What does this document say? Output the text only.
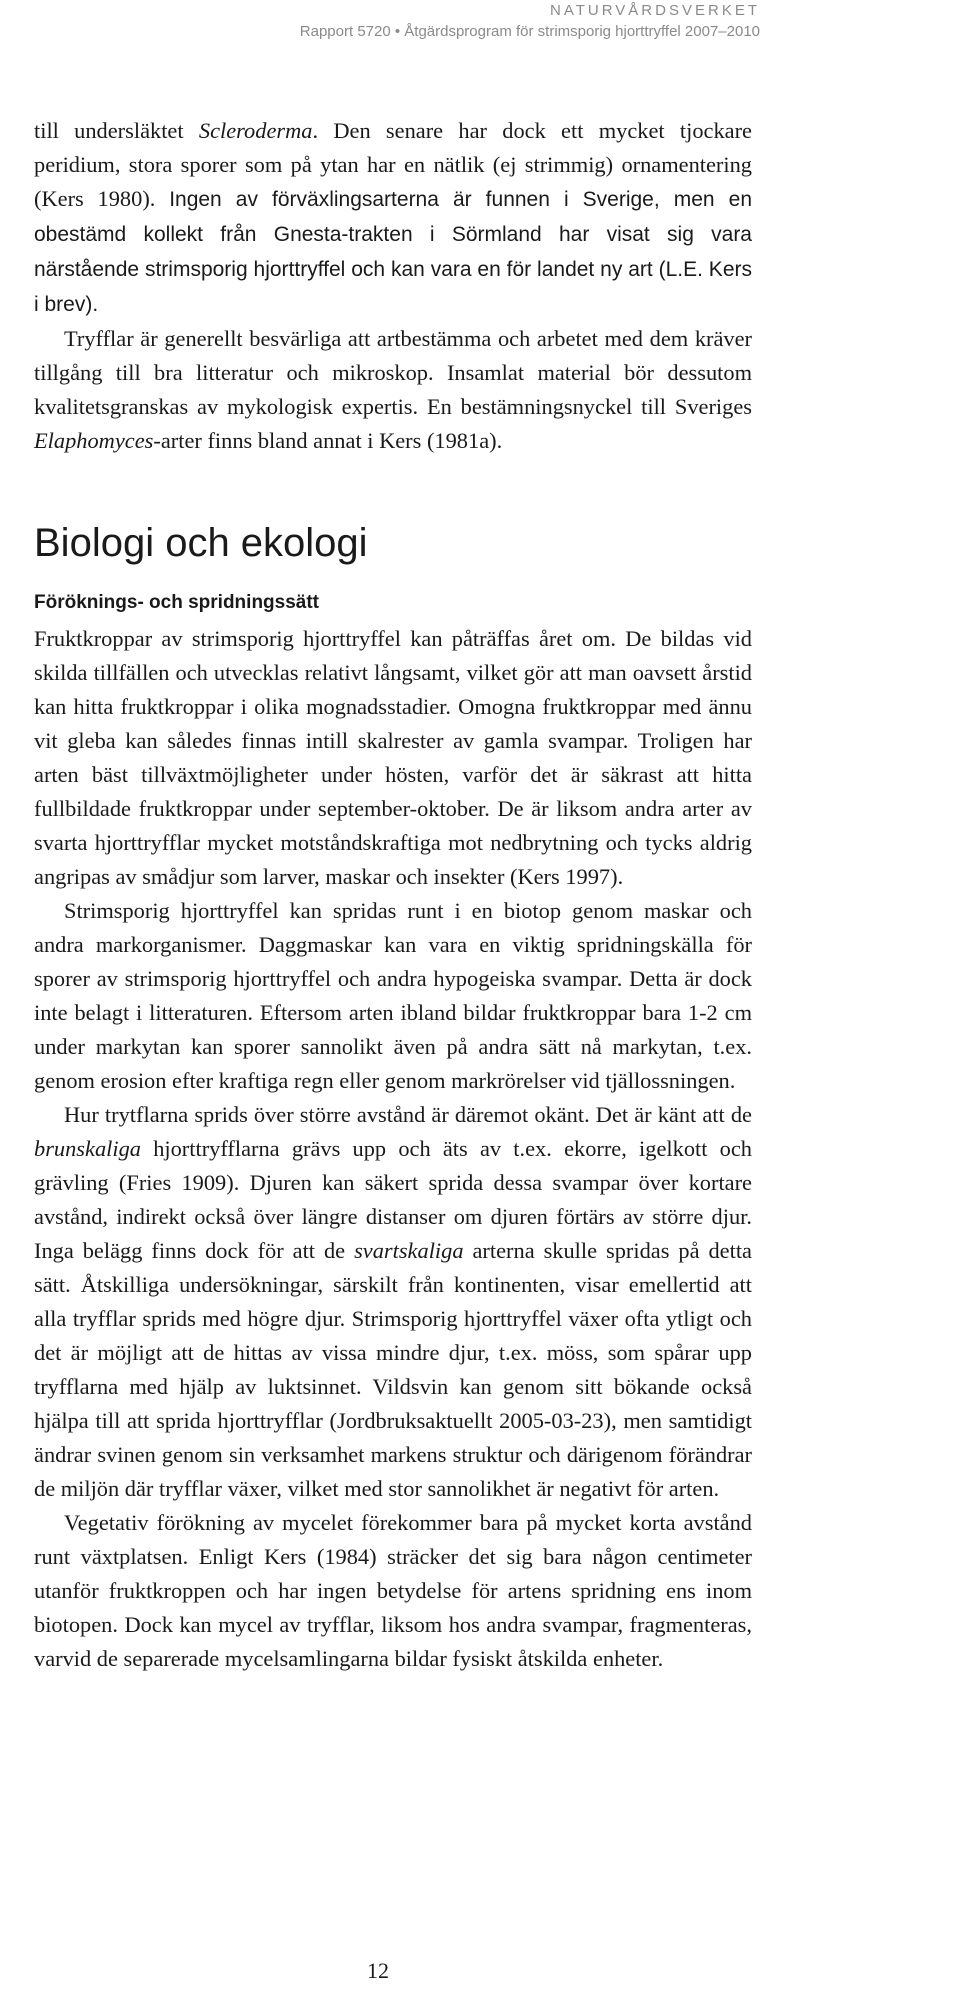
NATURVÅRDSVERKET
Rapport 5720 • Åtgärdsprogram för strimsporig hjorttryffel 2007–2010

till undersläktet Scleroderma. Den senare har dock ett mycket tjockare peridium, stora sporer som på ytan har en nätlik (ej strimmig) ornamentering (Kers 1980). Ingen av förväxlingsarterna är funnen i Sverige, men en obestämd kollekt från Gnesta-trakten i Sörmland har visat sig vara närstående strimsporig hjorttryffel och kan vara en för landet ny art (L.E. Kers i brev).

Tryfflar är generellt besvärliga att artbestämma och arbetet med dem kräver tillgång till bra litteratur och mikroskop. Insamlat material bör dessutom kvalitetsgranskas av mykologisk expertis. En bestämningsnyckel till Sveriges Elaphomyces-arter finns bland annat i Kers (1981a).

Biologi och ekologi
Föröknings- och spridningssätt

Fruktkroppar av strimsporig hjorttryffel kan påträffas året om. De bildas vid skilda tillfällen och utvecklas relativt långsamt, vilket gör att man oavsett årstid kan hitta fruktkroppar i olika mognadsstadier. Omogna fruktkroppar med ännu vit gleba kan således finnas intill skalrester av gamla svampar. Troligen har arten bäst tillväxtmöjligheter under hösten, varför det är säkrast att hitta fullbildade fruktkroppar under september-oktober. De är liksom andra arter av svarta hjorttryfflar mycket motståndskraftiga mot nedbrytning och tycks aldrig angripas av smådjur som larver, maskar och insekter (Kers 1997).

Strimsporig hjorttryffel kan spridas runt i en biotop genom maskar och andra markorganismer. Daggmaskar kan vara en viktig spridningskälla för sporer av strimsporig hjorttryffel och andra hypogeiska svampar. Detta är dock inte belagt i litteraturen. Eftersom arten ibland bildar fruktkroppar bara 1-2 cm under markytan kan sporer sannolikt även på andra sätt nå markytan, t.ex. genom erosion efter kraftiga regn eller genom markrörelser vid tjällossningen.

Hur trytflarna sprids över större avstånd är däremot okänt. Det är känt att de brunskaliga hjorttryfflarna grävs upp och äts av t.ex. ekorre, igelkott och grävling (Fries 1909). Djuren kan säkert sprida dessa svampar över kortare avstånd, indirekt också över längre distanser om djuren förtärs av större djur. Inga belägg finns dock för att de svartskaliga arterna skulle spridas på detta sätt. Åtskilliga undersökningar, särskilt från kontinenten, visar emellertid att alla tryfflar sprids med högre djur. Strimsporig hjorttryffel växer ofta ytligt och det är möjligt att de hittas av vissa mindre djur, t.ex. möss, som spårar upp tryfflarna med hjälp av luktsinnet. Vildsvin kan genom sitt bökande också hjälpa till att sprida hjorttryfflar (Jordbruksaktuellt 2005-03-23), men samtidigt ändrar svinen genom sin verksamhet markens struktur och därigenom förändrar de miljön där tryfflar växer, vilket med stor sannolikhet är negativt för arten.

Vegetativ förökning av mycelet förekommer bara på mycket korta avstånd runt växtplatsen. Enligt Kers (1984) sträcker det sig bara någon centimeter utanför fruktkroppen och har ingen betydelse för artens spridning ens inom biotopen. Dock kan mycel av tryfflar, liksom hos andra svampar, fragmenteras, varvid de separerade mycelsamlingarna bildar fysiskt åtskilda enheter.

12
